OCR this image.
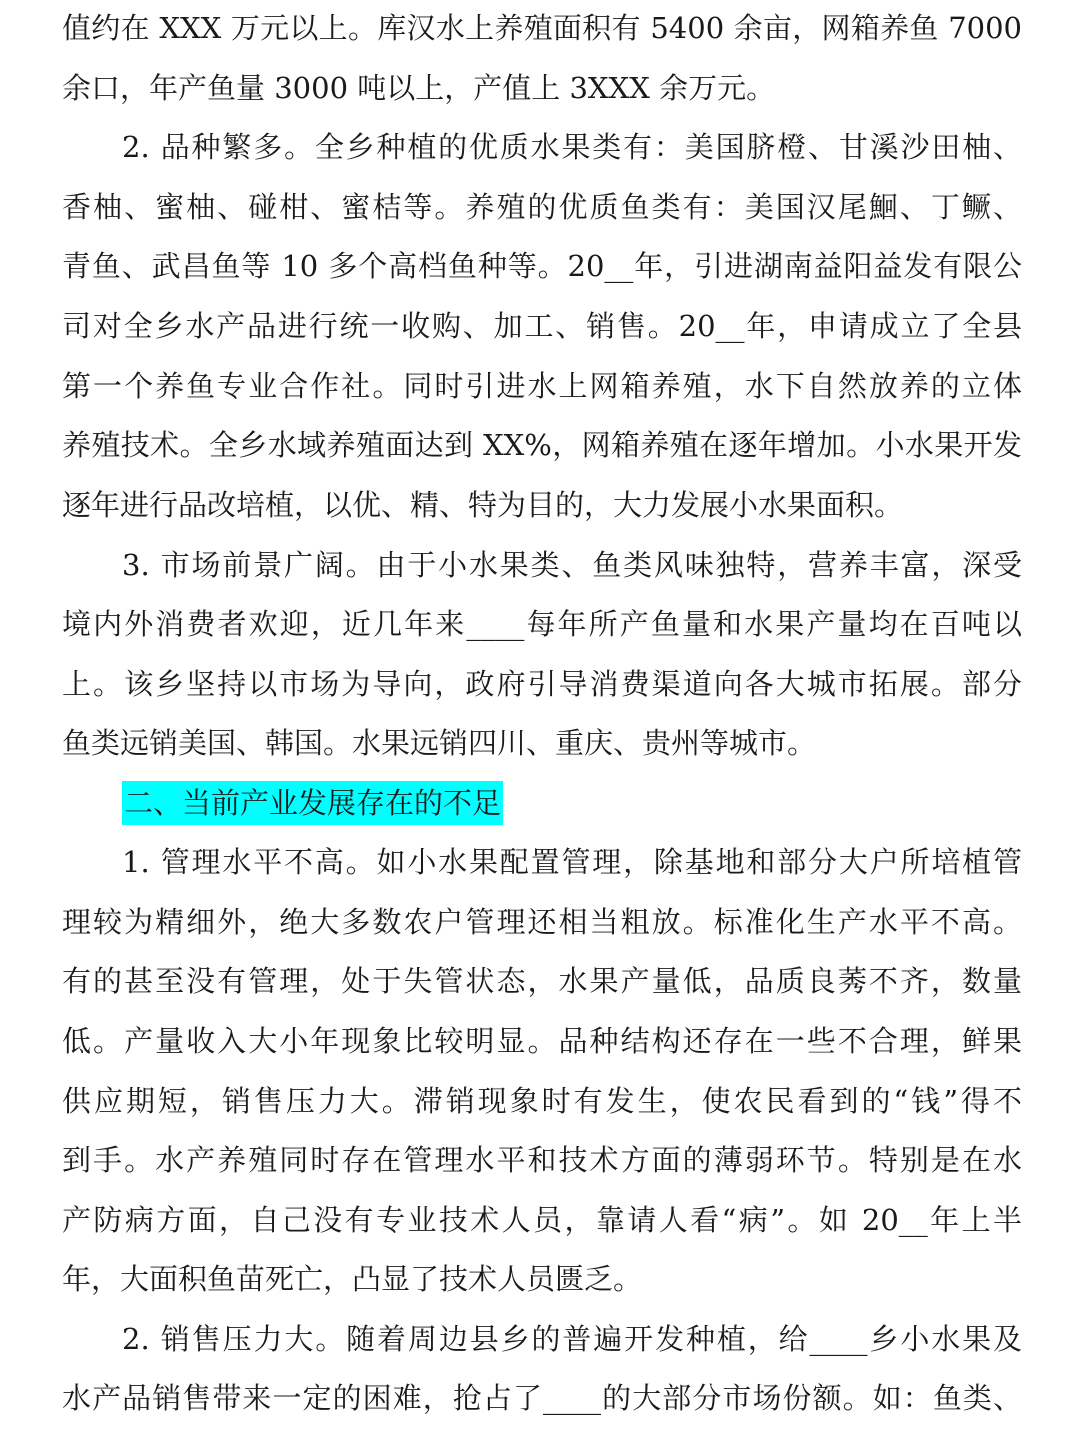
值约在 XXX 万元以上。库汉水上养殖面积有 5400 余亩，网箱养鱼 7000
余口，年产鱼量 3000 吨以上，产值上 3XXX 余万元。
2. 品种繁多。全乡种植的优质水果类有：美国脐橙、甘溪沙田柚、
香柚、蜜柚、碰柑、蜜桔等。养殖的优质鱼类有：美国汉尾鮰、丁鳜、
青鱼、武昌鱼等 10 多个高档鱼种等。20__年，引进湖南益阳益发有限公
司对全乡水产品进行统一收购、加工、销售。20__年，申请成立了全县
第一个养鱼专业合作社。同时引进水上网箱养殖，水下自然放养的立体
养殖技术。全乡水域养殖面达到 XX%，网箱养殖在逐年增加。小水果开发
逐年进行品改培植，以优、精、特为目的，大力发展小水果面积。
3. 市场前景广阔。由于小水果类、鱼类风味独特，营养丰富，深受
境内外消费者欢迎，近几年来____每年所产鱼量和水果产量均在百吨以
上。该乡坚持以市场为导向，政府引导消费渠道向各大城市拓展。部分
鱼类远销美国、韩国。水果远销四川、重庆、贵州等城市。
二、当前产业发展存在的不足
1. 管理水平不高。如小水果配置管理，除基地和部分大户所培植管
理较为精细外，绝大多数农户管理还相当粗放。标准化生产水平不高。
有的甚至没有管理，处于失管状态，水果产量低，品质良莠不齐，数量
低。产量收入大小年现象比较明显。品种结构还存在一些不合理，鲜果
供应期短，销售压力大。滞销现象时有发生，使农民看到的“钱”得不
到手。水产养殖同时存在管理水平和技术方面的薄弱环节。特别是在水
产防病方面，自己没有专业技术人员，靠请人看“病”。如 20__年上半
年，大面积鱼苗死亡，凸显了技术人员匮乏。
2. 销售压力大。随着周边县乡的普遍开发种植，给____乡小水果及
水产品销售带来一定的困难，抢占了____的大部分市场份额。如：鱼类、
